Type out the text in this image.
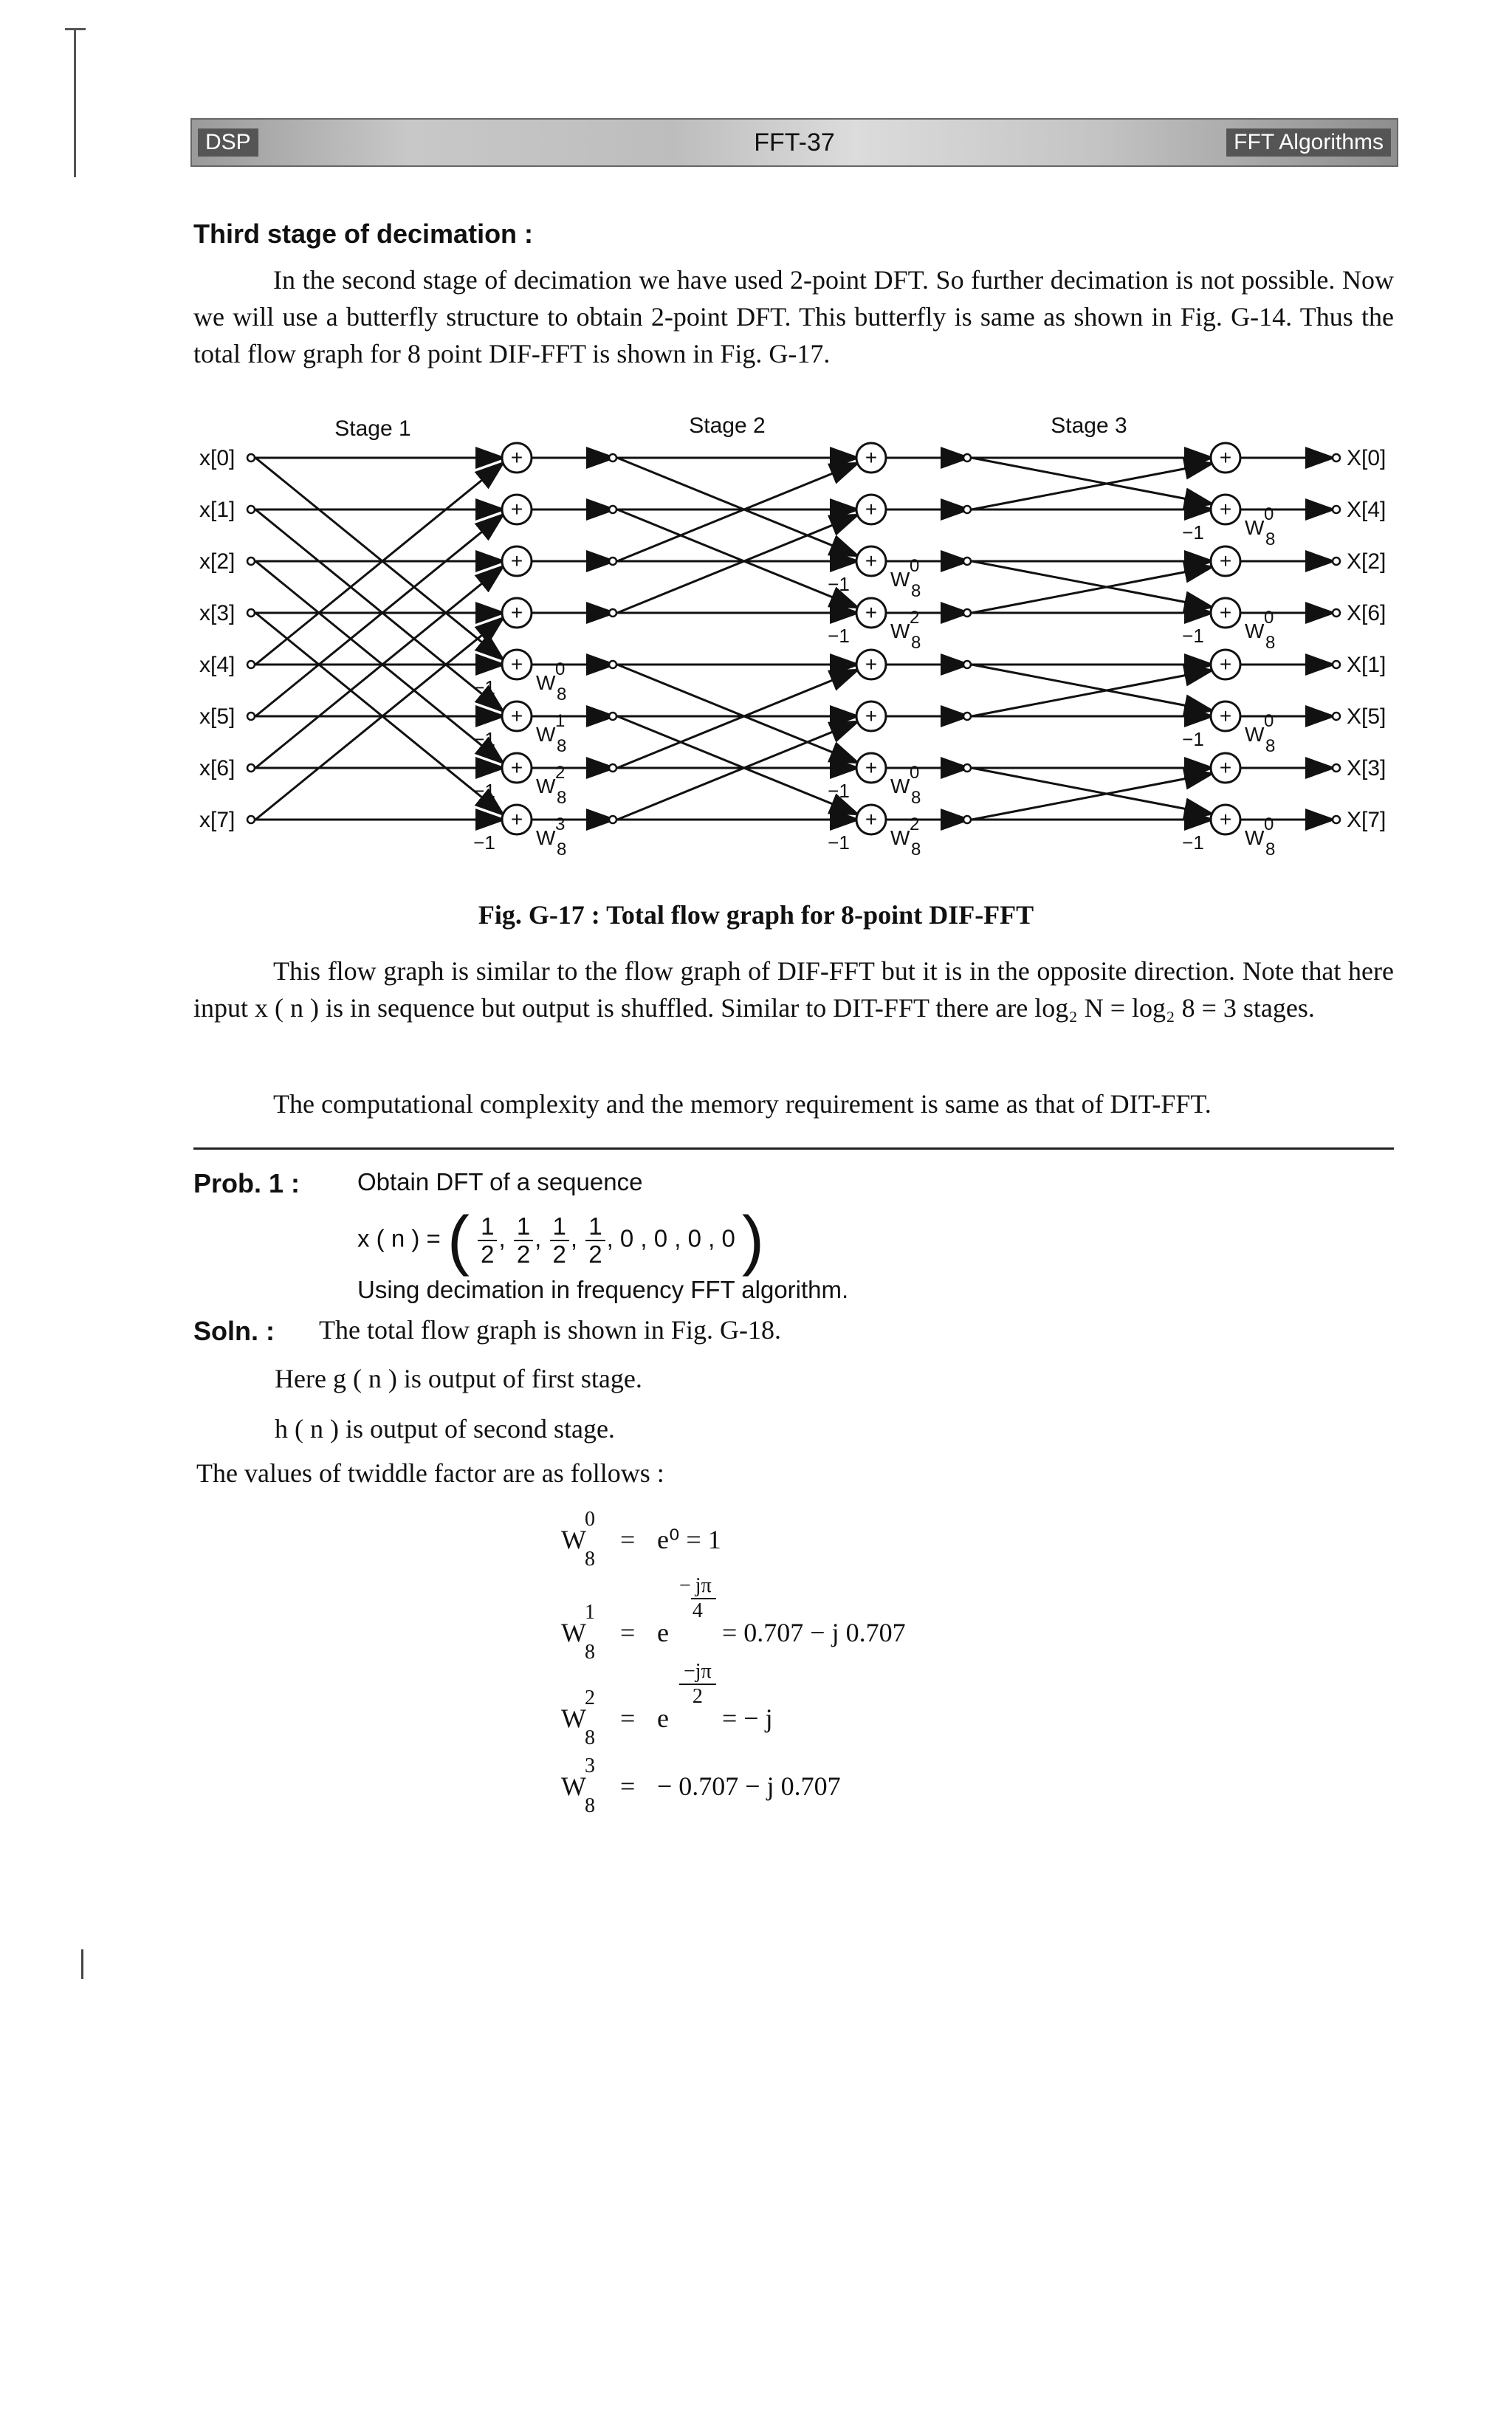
DSP	FFT-37	FFT Algorithms
Third stage of decimation :
In the second stage of decimation we have used 2-point DFT. So further decimation is not possible. Now we will use a butterfly structure to obtain 2-point DFT. This butterfly is same as shown in Fig. G-14. Thus the total flow graph for 8 point DIF-FFT is shown in Fig. G-17.
+
+
+
+
+
+
+
+
+
+
+
+
+
+
+
+
+
+
+
+
+
+
+
+
Stage 1	Stage 2	Stage 3
x[0]
x[1]
x[2]
x[3]
x[4]
x[5]
x[6]
x[7]
X[0]
X[4]
X[2]
X[6]
X[1]
X[5]
X[3]
X[7]
−1 W
0
8
−1 W
1
8
−1 W
2
8
−1 W
3
8
−1 W
0
8
−1 W
2
8
−1 W
0
8
−1 W
2
8
−1 W
0
8
−1 W
0
8
−1 W
0
8
−1 W
0
8
Fig. G-17 : Total flow graph for 8-point DIF-FFT
This flow graph is similar to the flow graph of DIF-FFT but it is in the opposite direction. Note that here input x ( n ) is in sequence but output is shuffled. Similar to DIT-FFT there are log₂ N = log₂ 8 = 3 stages.
The computational complexity and the memory requirement is same as that of DIT-FFT.
Prob. 1 : Obtain DFT of a sequence
x ( n ) = ( $\frac{1}{2}$ , $\frac{1}{2}$ , $\frac{1}{2}$ , $\frac{1}{2}$ , 0 , 0 , 0 , 0 )
Using decimation in frequency FFT algorithm.
Soln. : The total flow graph is shown in Fig. G-18.
Here g ( n ) is output of first stage.
h ( n ) is output of second stage.
The values of twiddle factor are as follows :
W
0
8
= e⁰ = 1
W
1
8
=
− jπ
4
e        = 0.707 − j 0.707
W
2
8
=
$\frac{-j\pi}{2}$
e        = − j
W
3
8
= − 0.707 − j 0.707
